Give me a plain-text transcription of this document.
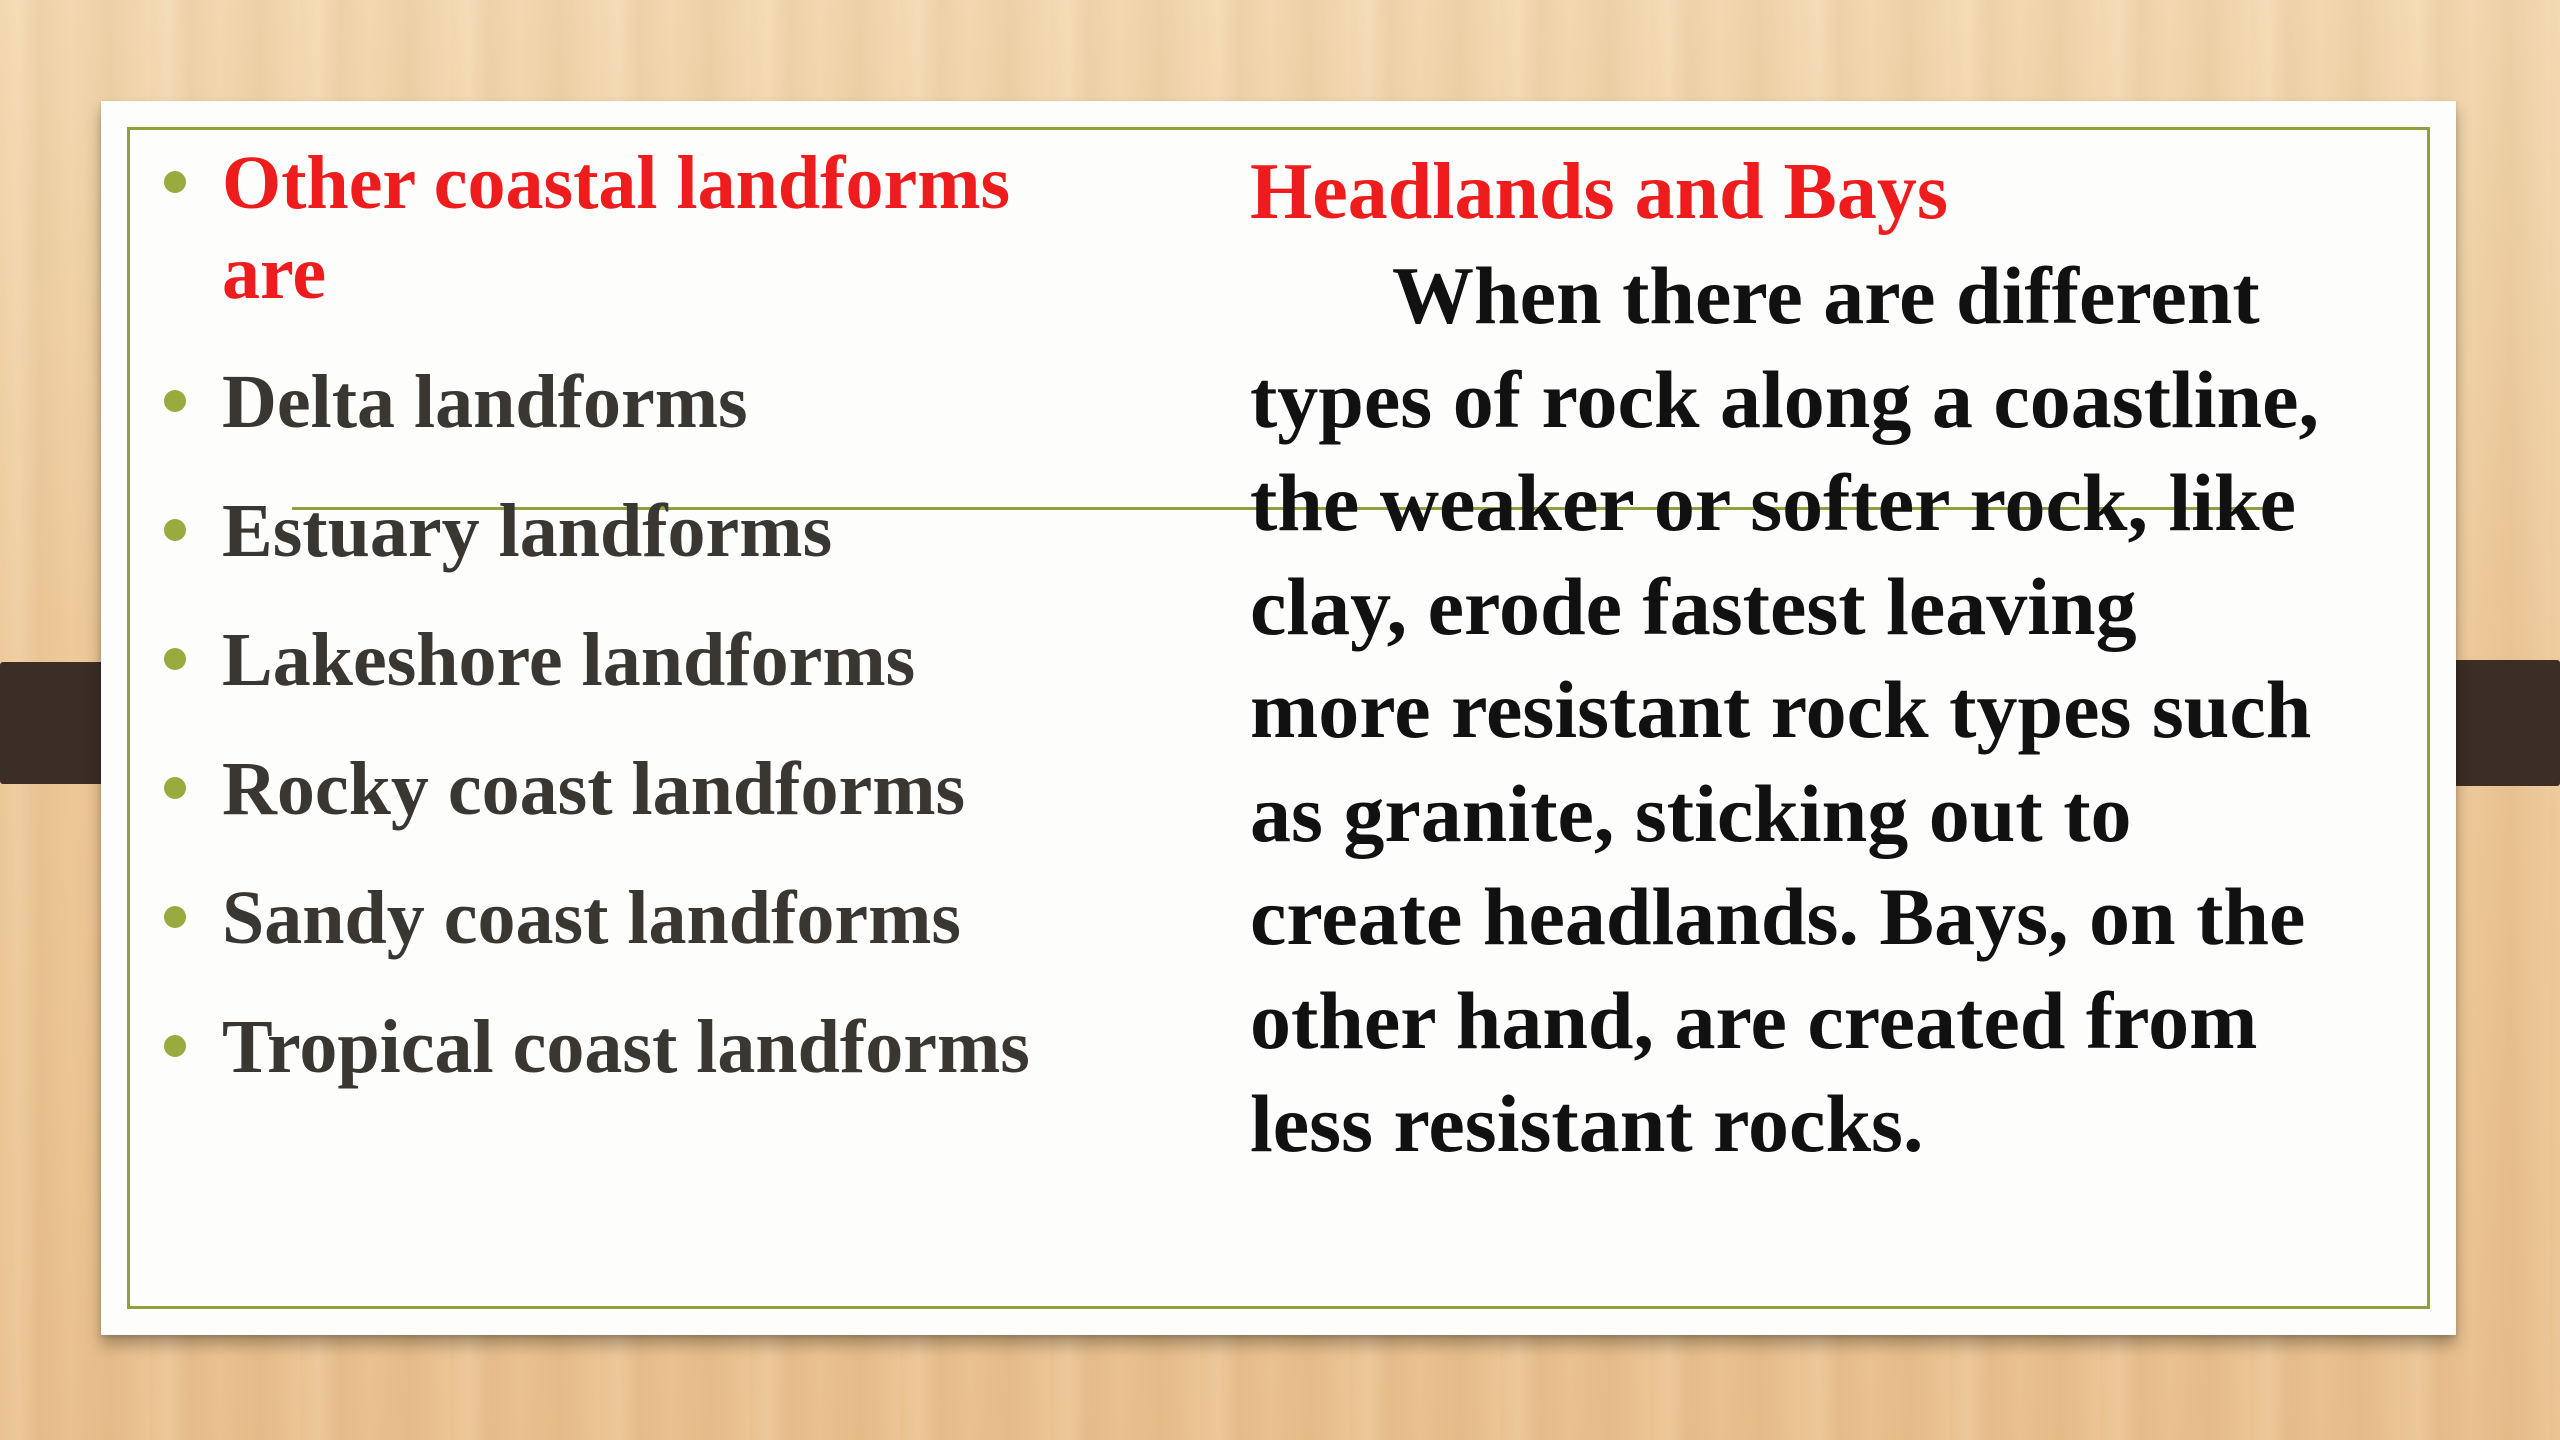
Other coastal landforms are
Delta landforms
Estuary landforms
Lakeshore landforms
Rocky coast landforms
Sandy coast landforms
Tropical coast landforms
Headlands and Bays

When there are different types of rock along a coastline, the weaker or softer rock, like clay, erode fastest leaving more resistant rock types such as granite, sticking out to create headlands. Bays, on the other hand, are created from less resistant rocks.
